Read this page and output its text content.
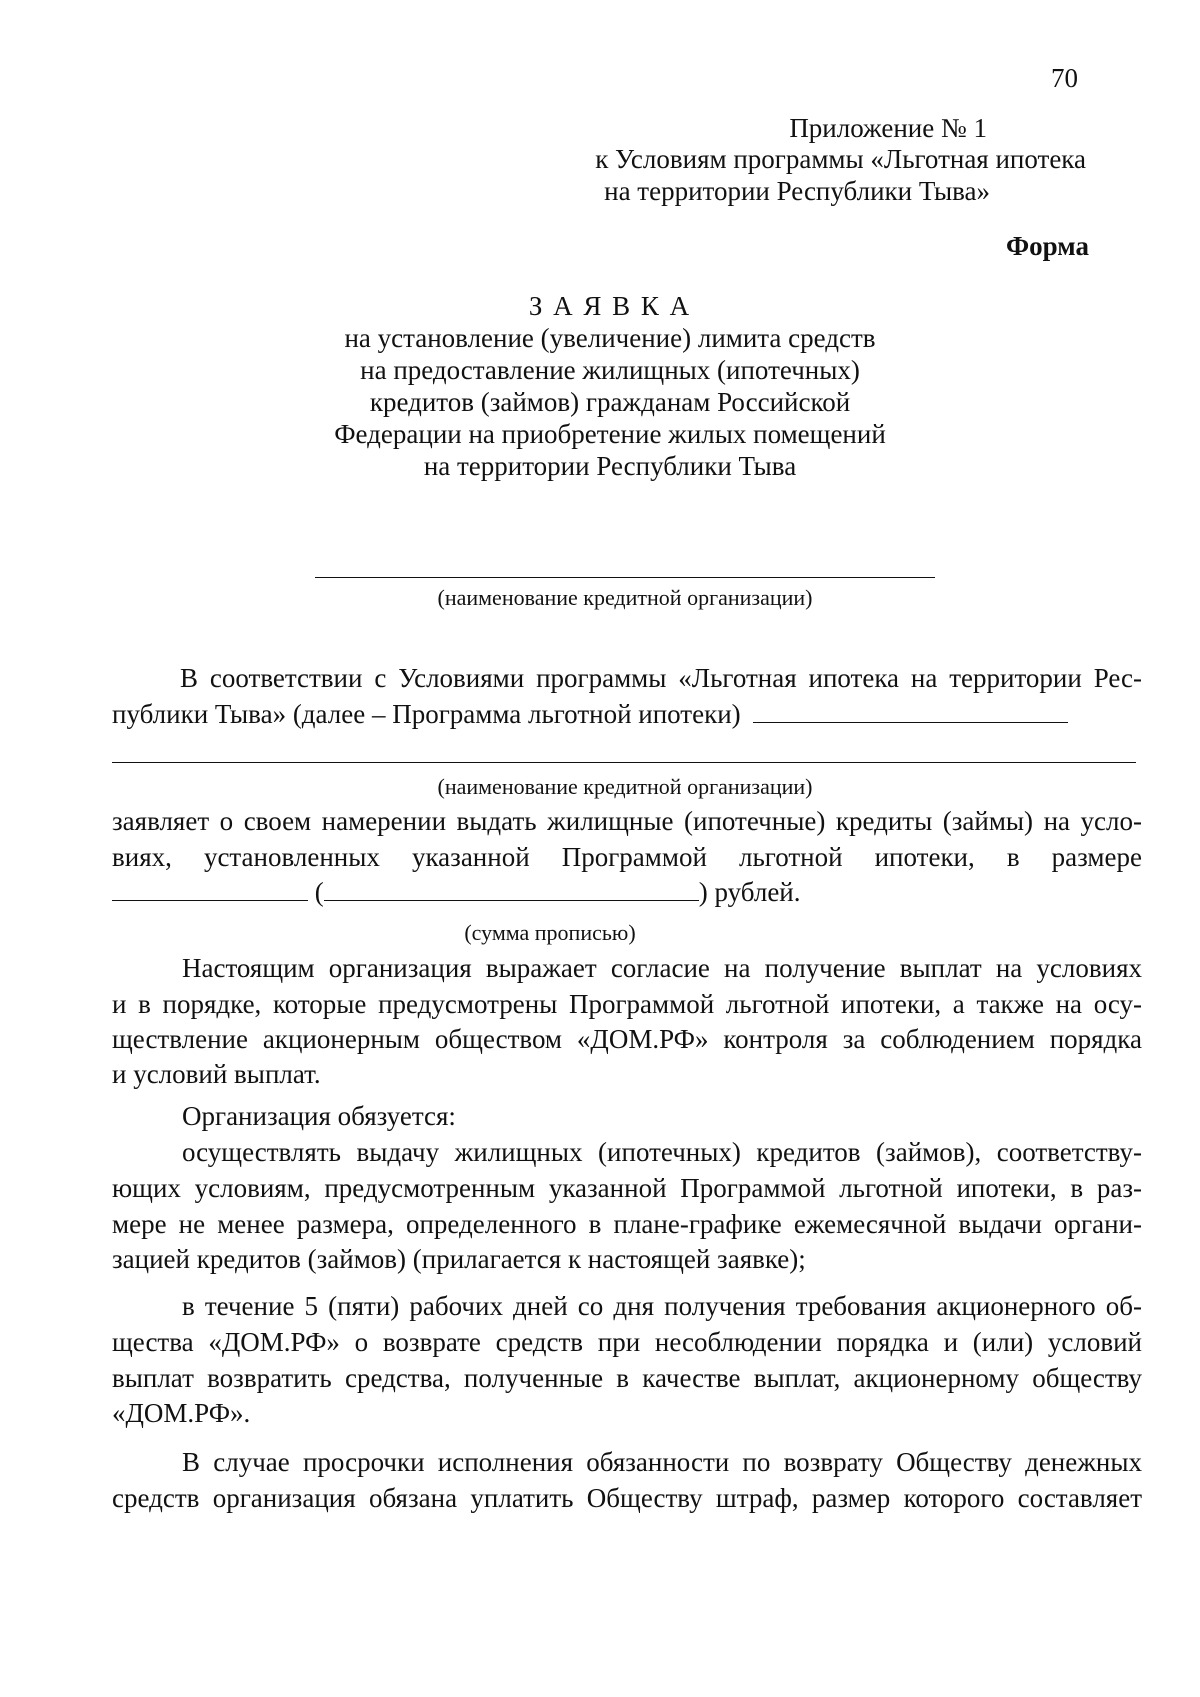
70
Приложение № 1
к Условиям программы «Льготная ипотека
на территории Республики Тыва»
Форма
З А Я В К А
на установление (увеличение) лимита средств
на предоставление жилищных (ипотечных)
кредитов (займов) гражданам Российской
Федерации на приобретение жилых помещений
на территории Республики Тыва
(наименование кредитной организации)
В соответствии с Условиями программы «Льготная ипотека на территории Рес-
публики Тыва» (далее – Программа льготной ипотеки)
(наименование кредитной организации)
заявляет о своем намерении выдать жилищные (ипотечные) кредиты (займы) на усло-
виях, установленных указанной Программой льготной ипотеки, в размере
(	) рублей.
(сумма прописью)
Настоящим организация выражает согласие на получение выплат на условиях
и в порядке, которые предусмотрены Программой льготной ипотеки, а также на осу-
ществление акционерным обществом «ДОМ.РФ» контроля за соблюдением порядка
и условий выплат.
Организация обязуется:
осуществлять выдачу жилищных (ипотечных) кредитов (займов), соответству-
ющих условиям, предусмотренным указанной Программой льготной ипотеки, в раз-
мере не менее размера, определенного в плане-графике ежемесячной выдачи органи-
зацией кредитов (займов) (прилагается к настоящей заявке);
в течение 5 (пяти) рабочих дней со дня получения требования акционерного об-
щества «ДОМ.РФ» о возврате средств при несоблюдении порядка и (или) условий
выплат возвратить средства, полученные в качестве выплат, акционерному обществу
«ДОМ.РФ».
В случае просрочки исполнения обязанности по возврату Обществу денежных
средств организация обязана уплатить Обществу штраф, размер которого составляет
